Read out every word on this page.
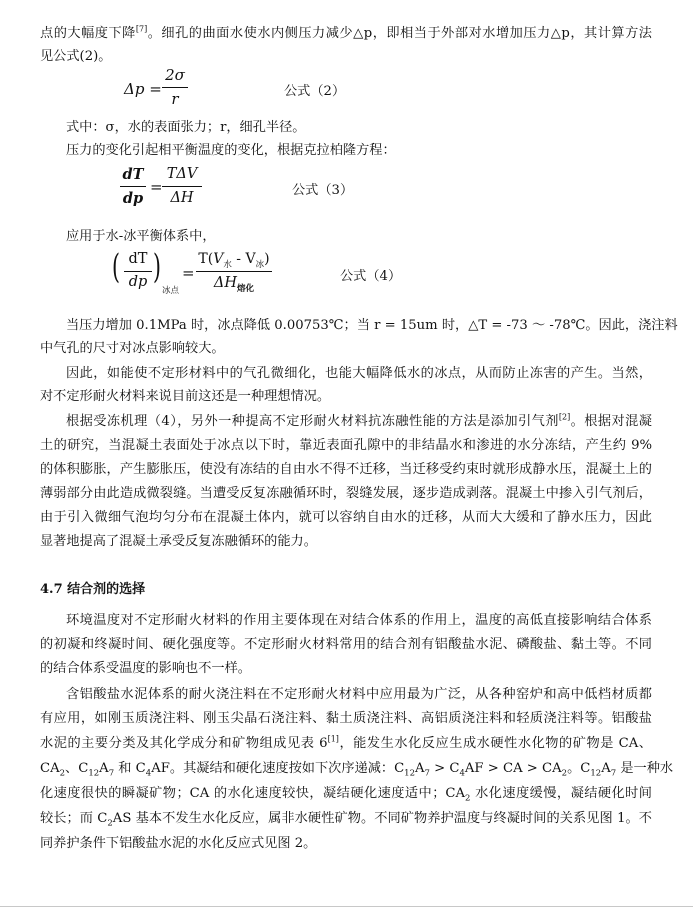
点的大幅度下降[7]。细孔的曲面水使水内侧压力减少△p，即相当于外部对水增加压力△p，其计算方法
见公式(2)。
Δp =
2σ
r	公式（2）
式中：σ，水的表面张力；r，细孔半径。
压力的变化引起相平衡温度的变化，根据克拉柏隆方程：
dT
dp
=
TΔV
ΔH	公式（3）
应用于水-冰平衡体系中，
( dT
dp )
冰点
=
$T(V_水 - V_冰)$
$\Delta H_{熔化}$
公式（4）
当压力增加 0.1MPa 时，冰点降低 0.00753℃；当 r = 15um 时，△T = -73 ～ -78℃。因此，浇注料
中气孔的尺寸对冰点影响较大。
因此，如能使不定形材料中的气孔微细化，也能大幅降低水的冰点，从而防止冻害的产生。当然，
对不定形耐火材料来说目前这还是一种理想情况。
根据受冻机理（4），另外一种提高不定形耐火材料抗冻融性能的方法是添加引气剂[2]。根据对混凝
土的研究，当混凝土表面处于冰点以下时，靠近表面孔隙中的非结晶水和渗进的水分冻结，产生约 9%
的体积膨胀，产生膨胀压，使没有冻结的自由水不得不迁移，当迁移受约束时就形成静水压，混凝土上的
薄弱部分由此造成微裂缝。当遭受反复冻融循环时，裂缝发展，逐步造成剥落。混凝土中掺入引气剂后，
由于引入微细气泡均匀分布在混凝土体内，就可以容纳自由水的迁移，从而大大缓和了静水压力，因此
显著地提高了混凝土承受反复冻融循环的能力。
4.7 结合剂的选择
环境温度对不定形耐火材料的作用主要体现在对结合体系的作用上，温度的高低直接影响结合体系
的初凝和终凝时间、硬化强度等。不定形耐火材料常用的结合剂有铝酸盐水泥、磷酸盐、黏土等。不同
的结合体系受温度的影响也不一样。
含铝酸盐水泥体系的耐火浇注料在不定形耐火材料中应用最为广泛，从各种窑炉和高中低档材质都
有应用，如刚玉质浇注料、刚玉尖晶石浇注料、黏土质浇注料、高铝质浇注料和轻质浇注料等。铝酸盐
水泥的主要分类及其化学成分和矿物组成见表 6[1]，能发生水化反应生成水硬性水化物的矿物是 CA、
$CA_2$、$C_{12}A_7$ 和 $C_4AF$。其凝结和硬化速度按如下次序递减：$C_{12}A_7 > C_4AF$ > CA > $CA_2$。$C_{12}A_7$ 是一种水
化速度很快的瞬凝矿物；CA 的水化速度较快，凝结硬化速度适中；$CA_2$ 水化速度缓慢，凝结硬化时间
较长；而 $C_2AS$ 基本不发生水化反应，属非水硬性矿物。不同矿物养护温度与终凝时间的关系见图 1。不
同养护条件下铝酸盐水泥的水化反应式见图 2。
